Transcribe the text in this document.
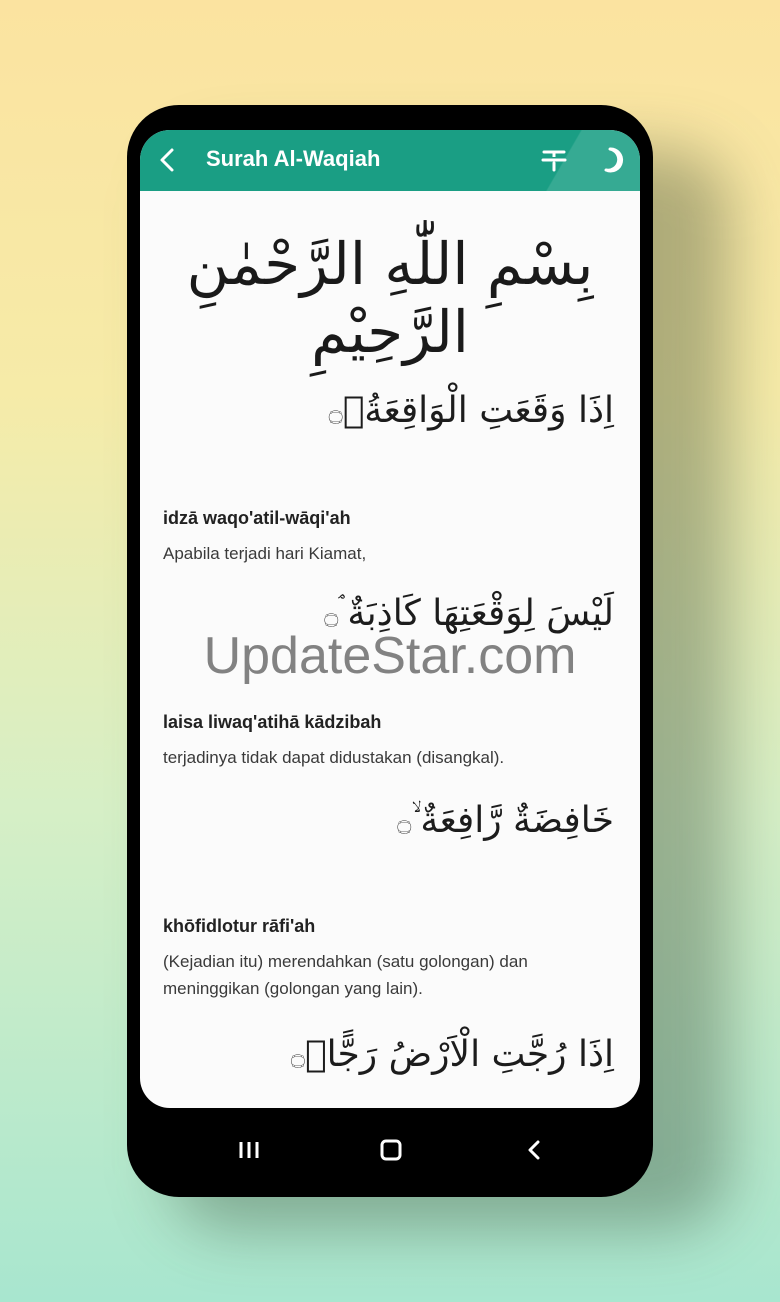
Surah Al-Waqiah
بِسْمِ اللّٰهِ الرَّحْمٰنِ الرَّحِيْمِ
اِذَا وَقَعَتِ الْوَاقِعَةُۙ۝
idzā waqo'atil-wāqi'ah
Apabila terjadi hari Kiamat,
لَيْسَ لِوَقْعَتِهَا كَاذِبَةٌ ۘ۝
laisa liwaq'atihā kādzibah
terjadinya tidak dapat didustakan (disangkal).
خَافِضَةٌ رَّافِعَةٌ ۙ۝
khōfidlotur rāfi'ah
(Kejadian itu) merendahkan (satu golongan) dan meninggikan (golongan yang lain).
اِذَا رُجَّتِ الْاَرْضُ رَجًّاۙ۝
UpdateStar.com
